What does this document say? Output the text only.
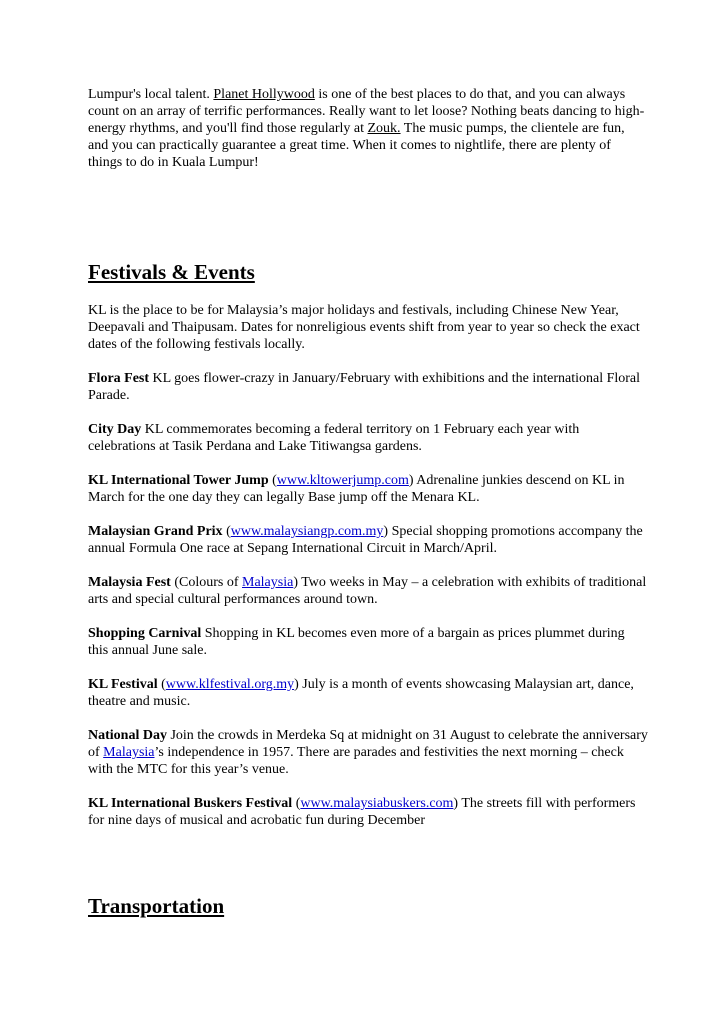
Lumpur's local talent. Planet Hollywood is one of the best places to do that, and you can always count on an array of terrific performances. Really want to let loose? Nothing beats dancing to high-energy rhythms, and you'll find those regularly at Zouk. The music pumps, the clientele are fun, and you can practically guarantee a great time. When it comes to nightlife, there are plenty of things to do in Kuala Lumpur!

Festivals & Events

KL is the place to be for Malaysia’s major holidays and festivals, including Chinese New Year, Deepavali and Thaipusam. Dates for nonreligious events shift from year to year so check the exact dates of the following festivals locally.

Flora Fest KL goes flower-crazy in January/February with exhibitions and the international Floral Parade.

City Day KL commemorates becoming a federal territory on 1 February each year with celebrations at Tasik Perdana and Lake Titiwangsa gardens.

KL International Tower Jump (www.kltowerjump.com) Adrenaline junkies descend on KL in March for the one day they can legally Base jump off the Menara KL.

Malaysian Grand Prix (www.malaysiangp.com.my) Special shopping promotions accompany the annual Formula One race at Sepang International Circuit in March/April.

Malaysia Fest (Colours of Malaysia) Two weeks in May – a celebration with exhibits of traditional arts and special cultural performances around town.

Shopping Carnival Shopping in KL becomes even more of a bargain as prices plummet during this annual June sale.

KL Festival (www.klfestival.org.my) July is a month of events showcasing Malaysian art, dance, theatre and music.

National Day Join the crowds in Merdeka Sq at midnight on 31 August to celebrate the anniversary of Malaysia’s independence in 1957. There are parades and festivities the next morning – check with the MTC for this year’s venue.

KL International Buskers Festival (www.malaysiabuskers.com) The streets fill with performers for nine days of musical and acrobatic fun during December

Transportation
